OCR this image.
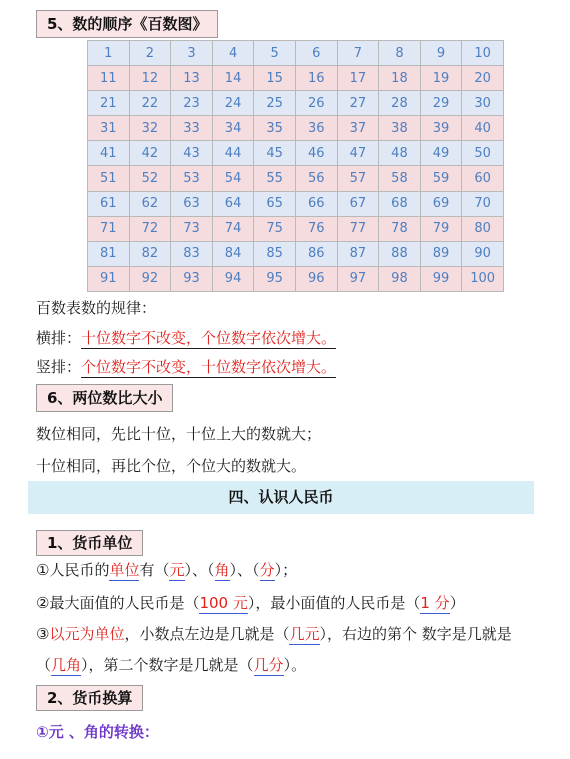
5、数的顺序《百数图》
1	2	3	4	5	6	7	8	9	10
11	12	13	14	15	16	17	18	19	20
21	22	23	24	25	26	27	28	29	30
31	32	33	34	35	36	37	38	39	40
41	42	43	44	45	46	47	48	49	50
51	52	53	54	55	56	57	58	59	60
61	62	63	64	65	66	67	68	69	70
71	72	73	74	75	76	77	78	79	80
81	82	83	84	85	86	87	88	89	90
91	92	93	94	95	96	97	98	99	100
百数表数的规律：
横排：十位数字不改变，个位数字依次增大。
竖排：个位数字不改变，十位数字依次增大。
6、两位数比大小
数位相同，先比十位，十位上大的数就大；
十位相同，再比个位，个位大的数就大。
四、认识人民币
1、货币单位
①人民币的单位有（元）、（角）、（分）；
②最大面值的人民币是（100 元），最小面值的人民币是（1 分）
③以元为单位，小数点左边是几就是（几元），右边的第个 数字是几就是
（几角），第二个数字是几就是（几分）。
2、货币换算
①元 、角的转换：
